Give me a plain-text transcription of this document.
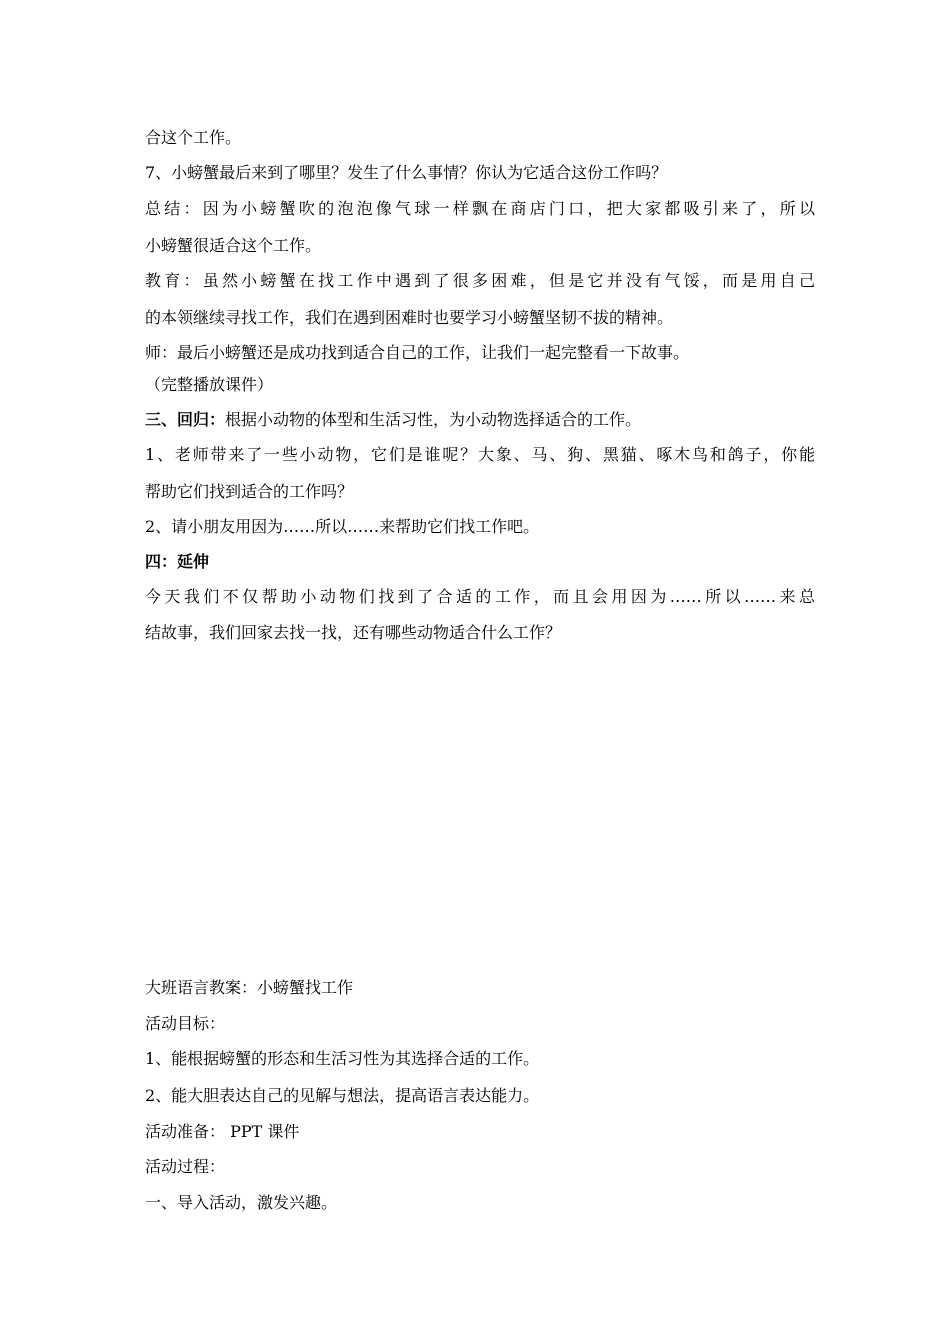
合这个工作。
7、小螃蟹最后来到了哪里？发生了什么事情？你认为它适合这份工作吗？
总结：因为小螃蟹吹的泡泡像气球一样飘在商店门口，把大家都吸引来了，所以
小螃蟹很适合这个工作。
教育：虽然小螃蟹在找工作中遇到了很多困难，但是它并没有气馁，而是用自己
的本领继续寻找工作，我们在遇到困难时也要学习小螃蟹坚韧不拔的精神。
师：最后小螃蟹还是成功找到适合自己的工作，让我们一起完整看一下故事。
（完整播放课件）
三、回归：根据小动物的体型和生活习性，为小动物选择适合的工作。
1、老师带来了一些小动物，它们是谁呢？大象、马、狗、黑猫、啄木鸟和鸽子，你能
帮助它们找到适合的工作吗？
2、请小朋友用因为……所以……来帮助它们找工作吧。
四：延伸
今天我们不仅帮助小动物们找到了合适的工作，而且会用因为……所以……来总
结故事，我们回家去找一找，还有哪些动物适合什么工作？
大班语言教案：小螃蟹找工作
活动目标：
1、能根据螃蟹的形态和生活习性为其选择合适的工作。
2、能大胆表达自己的见解与想法，提高语言表达能力。
活动准备： PPT 课件
活动过程：
一、导入活动，激发兴趣。
